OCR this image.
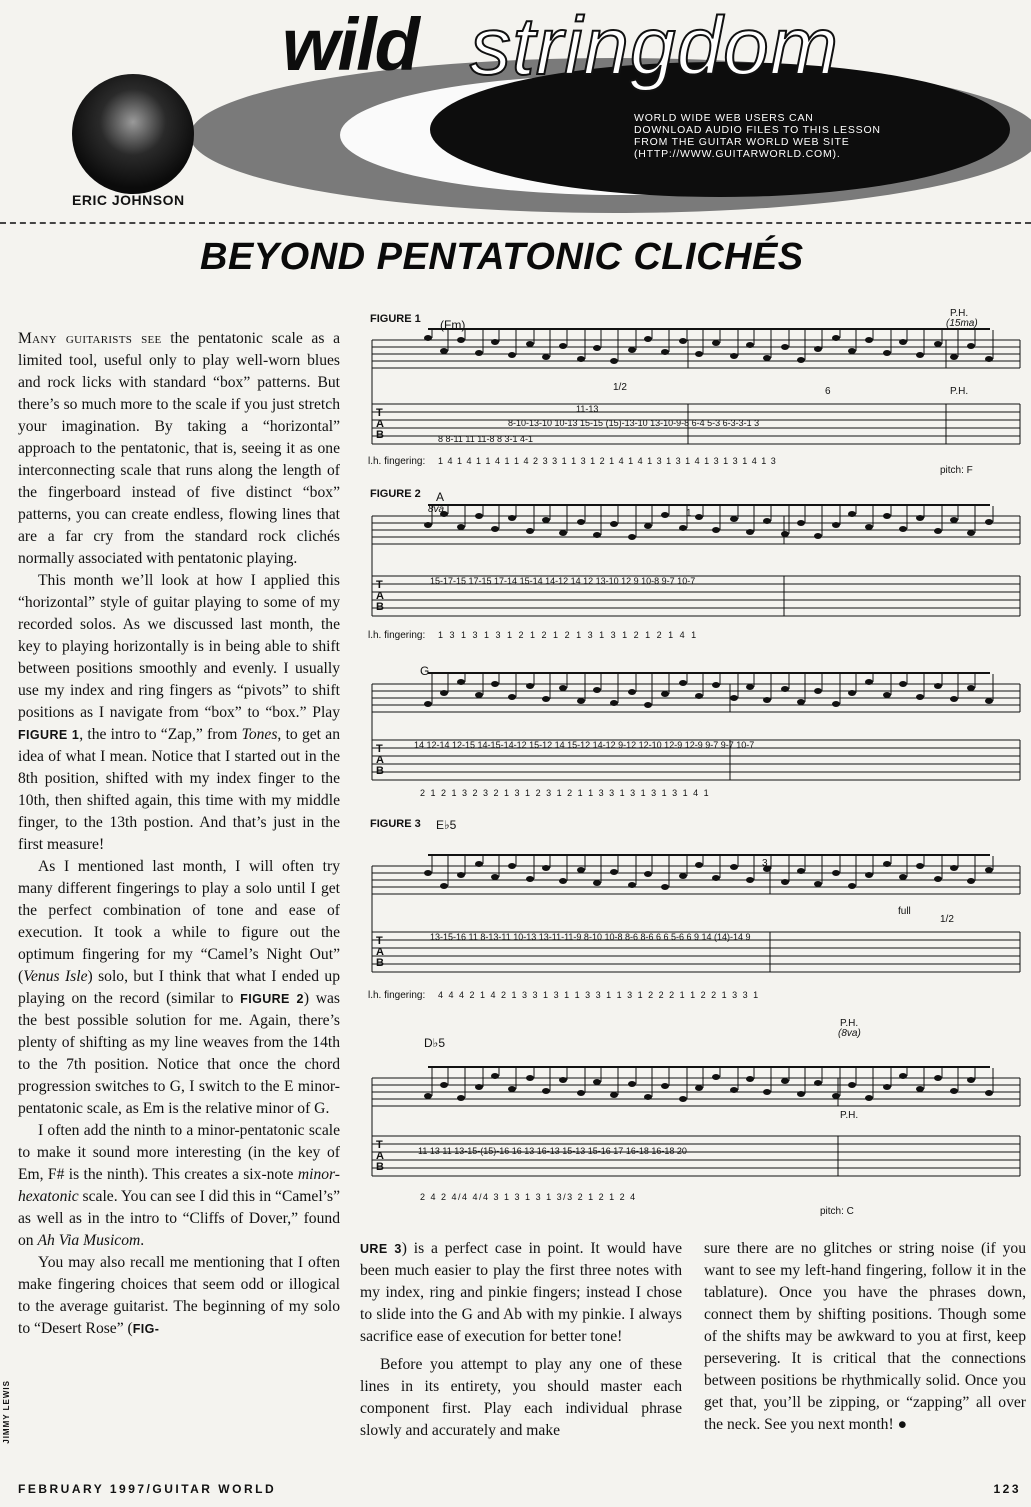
wild stringdom
WORLD WIDE WEB USERS CAN DOWNLOAD AUDIO FILES TO THIS LESSON FROM THE GUITAR WORLD WEB SITE (HTTP://WWW.GUITARWORLD.COM).
ERIC JOHNSON
BEYOND PENTATONIC CLICHÉS

Many guitarists see the pentatonic scale as a limited tool, useful only to play well-worn blues and rock licks with standard “box” patterns. But there’s so much more to the scale if you just stretch your imagination. By taking a “horizontal” approach to the pentatonic, that is, seeing it as one interconnecting scale that runs along the length of the fingerboard instead of five distinct “box” patterns, you can create endless, flowing lines that are a far cry from the standard rock clichés normally associated with pentatonic playing.

This month we’ll look at how I applied this “horizontal” style of guitar playing to some of my recorded solos. As we discussed last month, the key to playing horizontally is in being able to shift between positions smoothly and evenly. I usually use my index and ring fingers as “pivots” to shift positions as I navigate from “box” to “box.” Play FIGURE 1, the intro to “Zap,” from Tones, to get an idea of what I mean. Notice that I started out in the 8th position, shifted with my index finger to the 10th, then shifted again, this time with my middle finger, to the 13th postion. And that’s just in the first measure!

As I mentioned last month, I will often try many different fingerings to play a solo until I get the perfect combination of tone and ease of execution. It took a while to figure out the optimum fingering for my “Camel’s Night Out” (Venus Isle) solo, but I think that what I ended up playing on the record (similar to FIGURE 2) was the best possible solution for me. Again, there’s plenty of shifting as my line weaves from the 14th to the 7th position. Notice that once the chord progression switches to G, I switch to the E minor-pentatonic scale, as Em is the relative minor of G.

I often add the ninth to a minor-pentatonic scale to make it sound more interesting (in the key of Em, F# is the ninth). This creates a six-note minor-hexatonic scale. You can see I did this in “Camel’s” as well as in the intro to “Cliffs of Dover,” found on Ah Via Musicom.

You may also recall me mentioning that I often make fingering choices that seem odd or illogical to the average guitarist. The beginning of my solo to “Desert Rose” (FIG-

URE 3) is a perfect case in point. It would have been much easier to play the first three notes with my index, ring and pinkie fingers; instead I chose to slide into the G and Ab with my pinkie. I always sacrifice ease of execution for better tone!

Before you attempt to play any one of these lines in its entirety, you should master each component first. Play each individual phrase slowly and accurately and make

sure there are no glitches or string noise (if you want to see my left-hand fingering, follow it in the tablature). Once you have the phrases down, connect them by shifting positions. Though some of the shifts may be awkward to you at first, keep persevering. It is critical that the connections between positions be rhythmically solid. Once you get that, you’ll be zipping, or “zapping” all over the neck. See you next month! ●

T
A
B
T
A
B
T
A
B
T
A
B
T
A
B
FIGURE 1 (Fm)
P.H.
(15ma)
P.H.
1/2	6
11-13
8-10-13-10 10-13 15-15 (15)-13-10 13-10-9-8 6-4 5-3 6-3-3-1 3
8 8-11 11 11-8 8 3-1 4-1
l.h. fingering: 1 4 1 4 1 1 4 1 1 4 2 3 3 1 1 3 1 2 1 4 1 4 1 3 1 3 1 4 1 3 1 3 1 4 1 3
pitch: F
FIGURE 2 A
8va	1
15-17-15 17-15 17-14 15-14 14-12 14 12 13-10 12 9 10-8 9-7 10-7
l.h. fingering: 1 3 1 3 1 3 1 2 1 2 1 2 1 3 1 3 1 2 1 2 1 4 1
G
14 12-14 12-15 14-15-14-12 15-12 14 15-12 14-12 9-12 12-10 12-9 12-9 9-7 9-7 10-7
2 1 2 1 3 2 3 2 1 3 1 2 3 1 2 1 1 3 3 1 3 1 3 1 3 1 4 1
FIGURE 3 E♭5
3
full
1/2
13-15-16 11 8-13-11 10-13 13-11-11-9 8-10 10-8 8-6 8-6 6 6 5-6 6 9 14 (14)-14 9
l.h. fingering: 4 4 4 2 1 4 2 1 3 3 1 3 1 1 3 3 1 1 3 1 2 2 2 1 1 2 2 1 3 3 1
D♭5
P.H.
(8va)
P.H.
11 13 11 13-15-(15)-16 16 13 16-13 15-13 15-16 17 16-18 16-18 20
2 4 2 4/4 4/4 3 1 3 1 3 1 3/3 2 1 2 1 2 4
pitch: C
JIMMY LEWIS
FEBRUARY 1997/GUITAR WORLD	123
